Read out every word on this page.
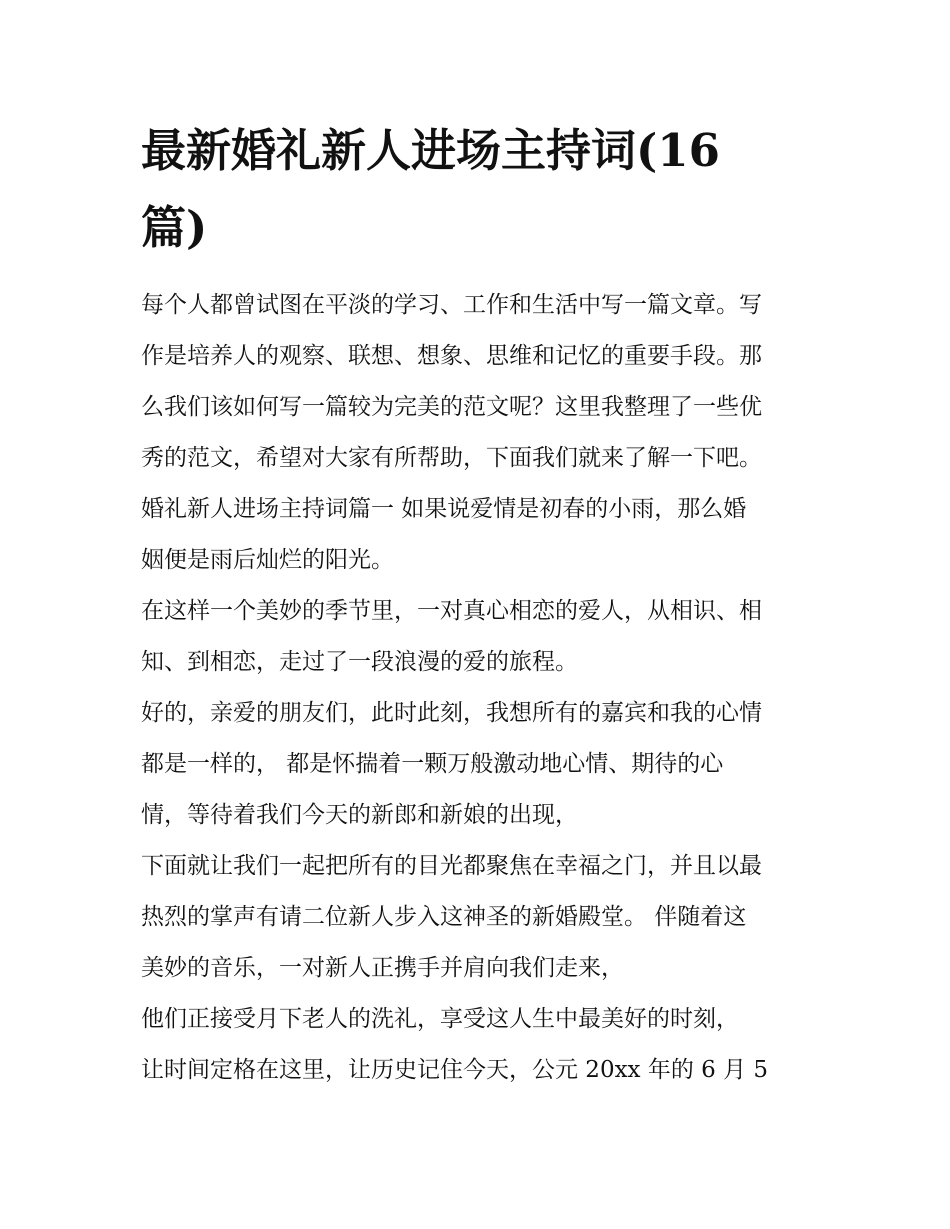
最新婚礼新人进场主持词(16
篇)
每个人都曾试图在平淡的学习、工作和生活中写一篇文章。写
作是培养人的观察、联想、想象、思维和记忆的重要手段。那
么我们该如何写一篇较为完美的范文呢？这里我整理了一些优
秀的范文，希望对大家有所帮助，下面我们就来了解一下吧。
婚礼新人进场主持词篇一 如果说爱情是初春的小雨，那么婚
姻便是雨后灿烂的阳光。
在这样一个美妙的季节里，一对真心相恋的爱人，从相识、相
知、到相恋，走过了一段浪漫的爱的旅程。
好的，亲爱的朋友们，此时此刻，我想所有的嘉宾和我的心情
都是一样的， 都是怀揣着一颗万般激动地心情、期待的心
情，等待着我们今天的新郎和新娘的出现，
下面就让我们一起把所有的目光都聚焦在幸福之门，并且以最
热烈的掌声有请二位新人步入这神圣的新婚殿堂。 伴随着这
美妙的音乐，一对新人正携手并肩向我们走来，
他们正接受月下老人的洗礼，享受这人生中最美好的时刻，
让时间定格在这里，让历史记住今天，公元 20xx 年的 6 月 5
